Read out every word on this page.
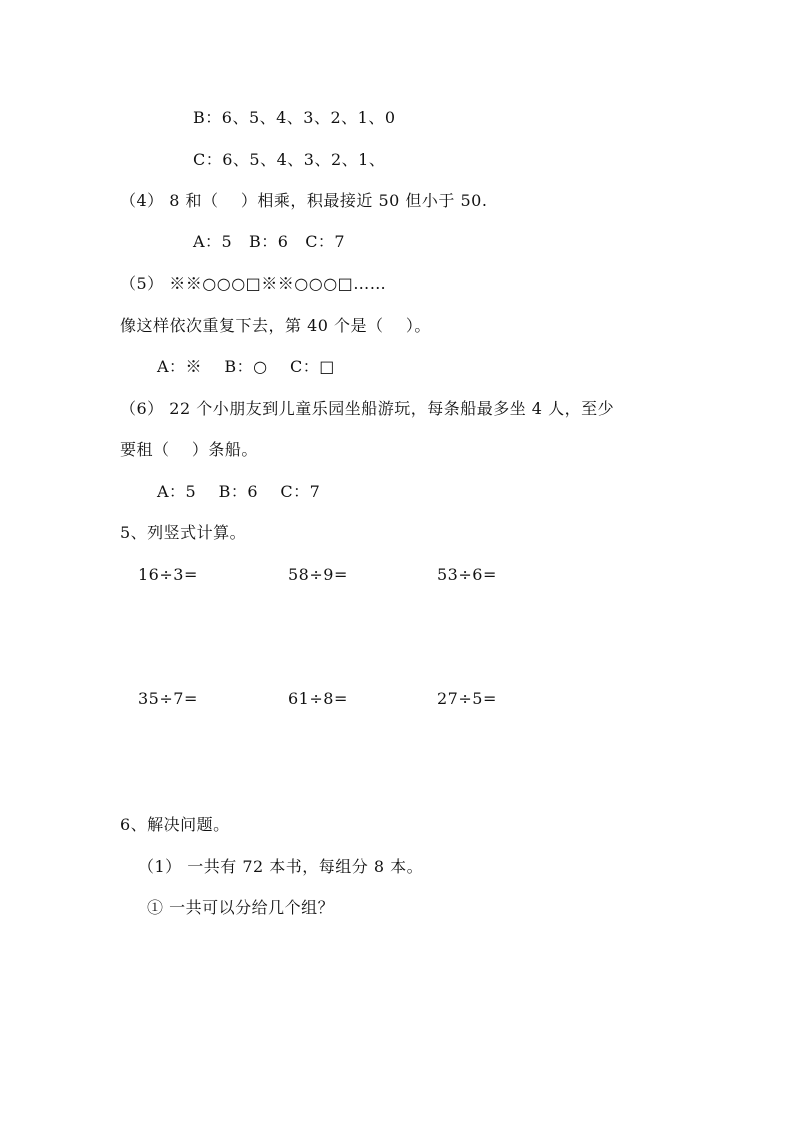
B：6、5、4、3、2、1、0
C：6、5、4、3、2、1、
（4） 8 和（    ）相乘，积最接近 50 但小于 50.
A：5   B：6   C：7
（5） ※※○○○□※※○○○□……
像这样依次重复下去，第 40 个是（    ）。
A：※    B：○    C：□
（6） 22 个小朋友到儿童乐园坐船游玩，每条船最多坐 4 人，至少
要租（    ）条船。
A：5    B：6    C：7
5、列竖式计算。
16÷3=	58÷9=	53÷6=
35÷7=	61÷8=	27÷5=
6、解决问题。
（1） 一共有 72 本书，每组分 8 本。
① 一共可以分给几个组？
